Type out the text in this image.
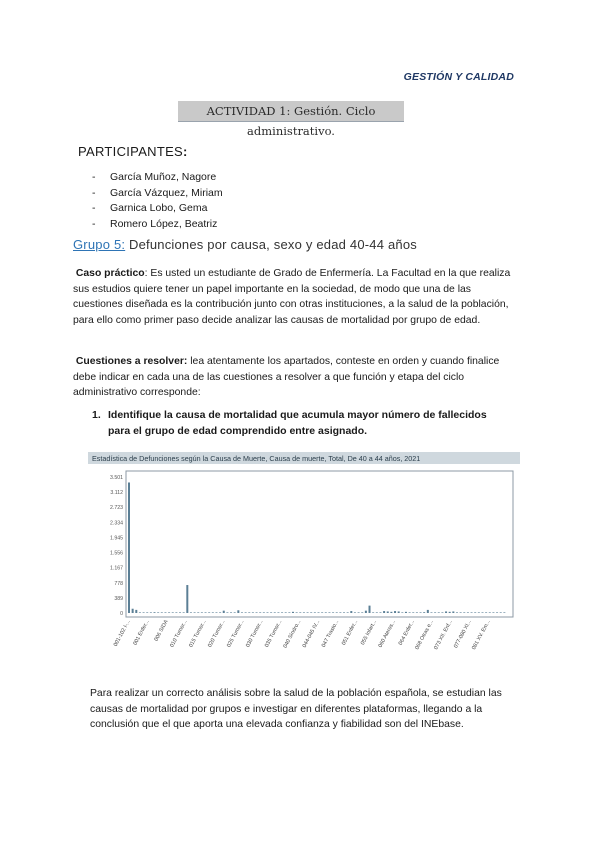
GESTIÓN Y CALIDAD
ACTIVIDAD 1: Gestión. Ciclo administrativo.
PARTICIPANTES:
- García Muñoz, Nagore
- García Vázquez, Miriam
- Garnica Lobo, Gema
- Romero López, Beatriz
Grupo 5: Defunciones por causa, sexo y edad 40-44 años
Caso práctico: Es usted un estudiante de Grado de Enfermería. La Facultad en la que realiza sus estudios quiere tener un papel importante en la sociedad, de modo que una de las cuestiones diseñada es la contribución junto con otras instituciones, a la salud de la población, para ello como primer paso decide analizar las causas de mortalidad por grupo de edad.
Cuestiones a resolver: lea atentamente los apartados, conteste en orden y cuando finalice debe indicar en cada una de las cuestiones a resolver a que función y etapa del ciclo administrativo corresponde:
1. Identifique la causa de mortalidad que acumula mayor número de fallecidos
para el grupo de edad comprendido entre asignado.
Estadística de Defunciones según la Causa de Muerte, Causa de muerte, Total, De 40 a 44 años, 2021
0
389
778
1.167
1.556
1.945
2.334
2.723
3.112
3.501
001-102 I-... 001 Enfer... 006 SIDA 010 Tumor... 015 Tumor... 020 Tumor... 025 Tumor... 030 Tumor... 035 Tumor... 040 Síndro... 044-045 IV... 047 Trasto... 051 Enfer... 055 Infart... 060 Ateros... 064 Enfer...
068 Otras e...
073 XII. Enf... 077-080 XI...
081 XV. Em...
Para realizar un correcto análisis sobre la salud de la población española, se estudian las causas de mortalidad por grupos e investigar en diferentes plataformas, llegando a la conclusión que el que aporta una elevada confianza y fiabilidad son del INEbase.
